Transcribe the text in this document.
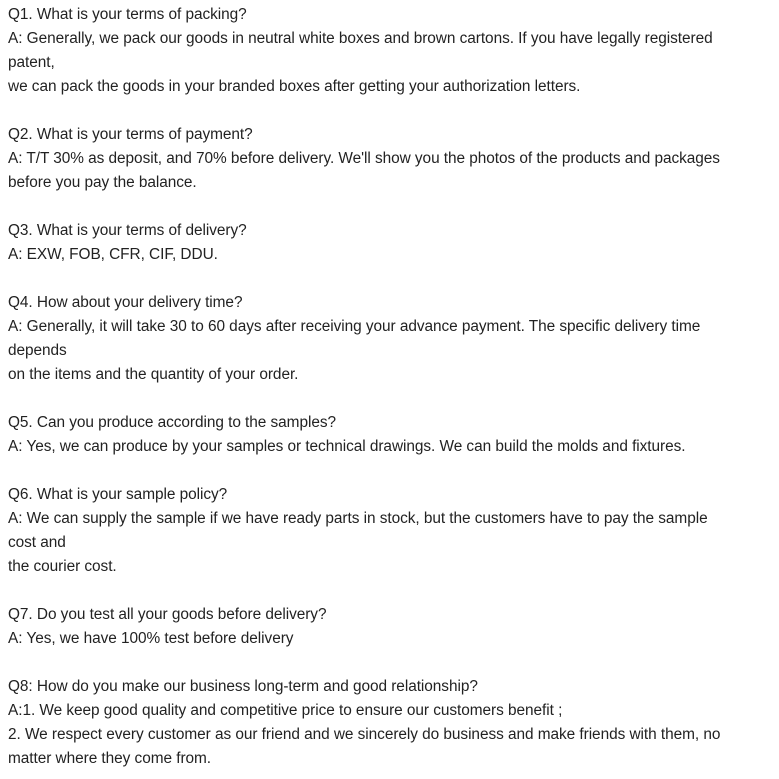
Q1. What is your terms of packing?
A: Generally, we pack our goods in neutral white boxes and brown cartons. If you have legally registered
patent,
we can pack the goods in your branded boxes after getting your authorization letters.
Q2. What is your terms of payment?
A: T/T 30% as deposit, and 70% before delivery. We'll show you the photos of the products and packages
before you pay the balance.
Q3. What is your terms of delivery?
A: EXW, FOB, CFR, CIF, DDU.
Q4. How about your delivery time?
A: Generally, it will take 30 to 60 days after receiving your advance payment. The specific delivery time
depends
on the items and the quantity of your order.
Q5. Can you produce according to the samples?
A: Yes, we can produce by your samples or technical drawings. We can build the molds and fixtures.
Q6. What is your sample policy?
A: We can supply the sample if we have ready parts in stock, but the customers have to pay the sample
cost and
the courier cost.
Q7. Do you test all your goods before delivery?
A: Yes, we have 100% test before delivery
Q8: How do you make our business long-term and good relationship?
A:1. We keep good quality and competitive price to ensure our customers benefit ;
2. We respect every customer as our friend and we sincerely do business and make friends with them, no
matter where they come from.
